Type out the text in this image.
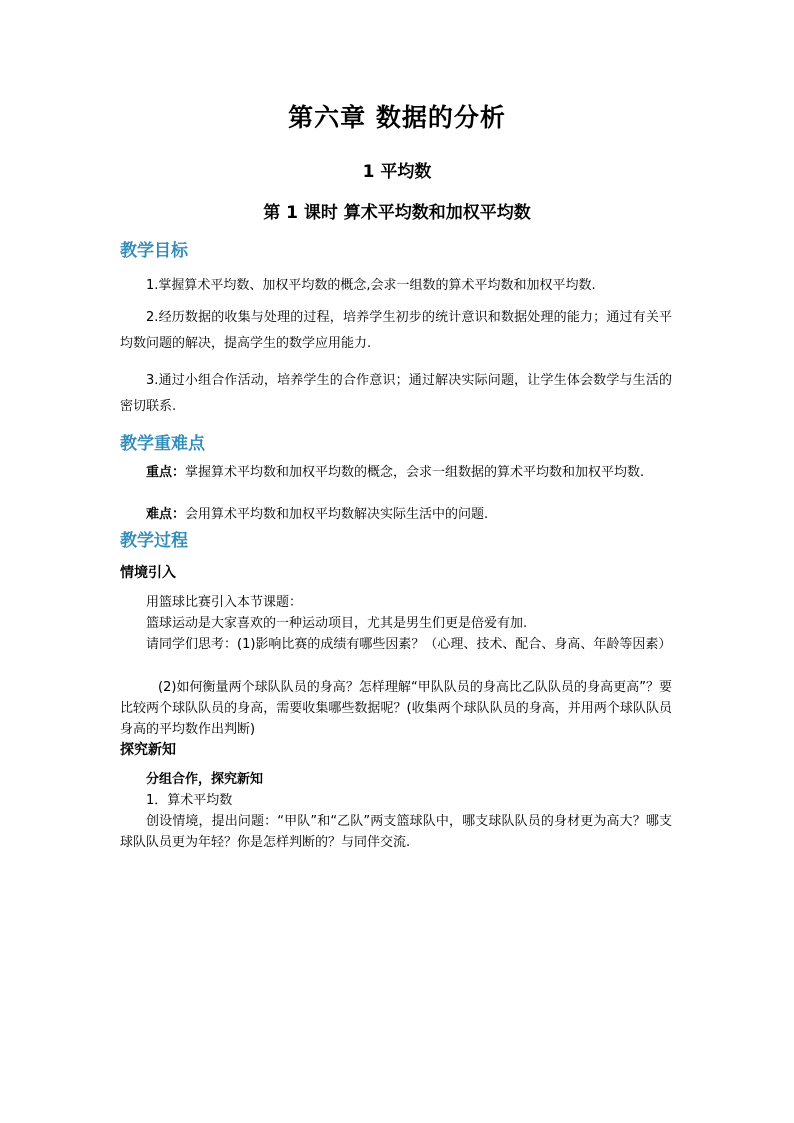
第六章 数据的分析
1 平均数
第 1 课时 算术平均数和加权平均数
教学目标
1.掌握算术平均数、加权平均数的概念,会求一组数的算术平均数和加权平均数.
2.经历数据的收集与处理的过程，培养学生初步的统计意识和数据处理的能力；通过有关平均数问题的解决，提高学生的数学应用能力.
3.通过小组合作活动，培养学生的合作意识；通过解决实际问题，让学生体会数学与生活的密切联系.
教学重难点
重点：掌握算术平均数和加权平均数的概念，会求一组数据的算术平均数和加权平均数.
难点：会用算术平均数和加权平均数解决实际生活中的问题.
教学过程
情境引入
用篮球比赛引入本节课题：
篮球运动是大家喜欢的一种运动项目，尤其是男生们更是倍爱有加.
请同学们思考：(1)影响比赛的成绩有哪些因素？（心理、技术、配合、身高、年龄等因素）
(2)如何衡量两个球队队员的身高？怎样理解“甲队队员的身高比乙队队员的身高更高”？要比较两个球队队员的身高，需要收集哪些数据呢？(收集两个球队队员的身高，并用两个球队队员身高的平均数作出判断)
探究新知
分组合作，探究新知
1．算术平均数
创设情境，提出问题：“甲队”和“乙队”两支篮球队中，哪支球队队员的身材更为高大？哪支球队队员更为年轻？你是怎样判断的？与同伴交流.
